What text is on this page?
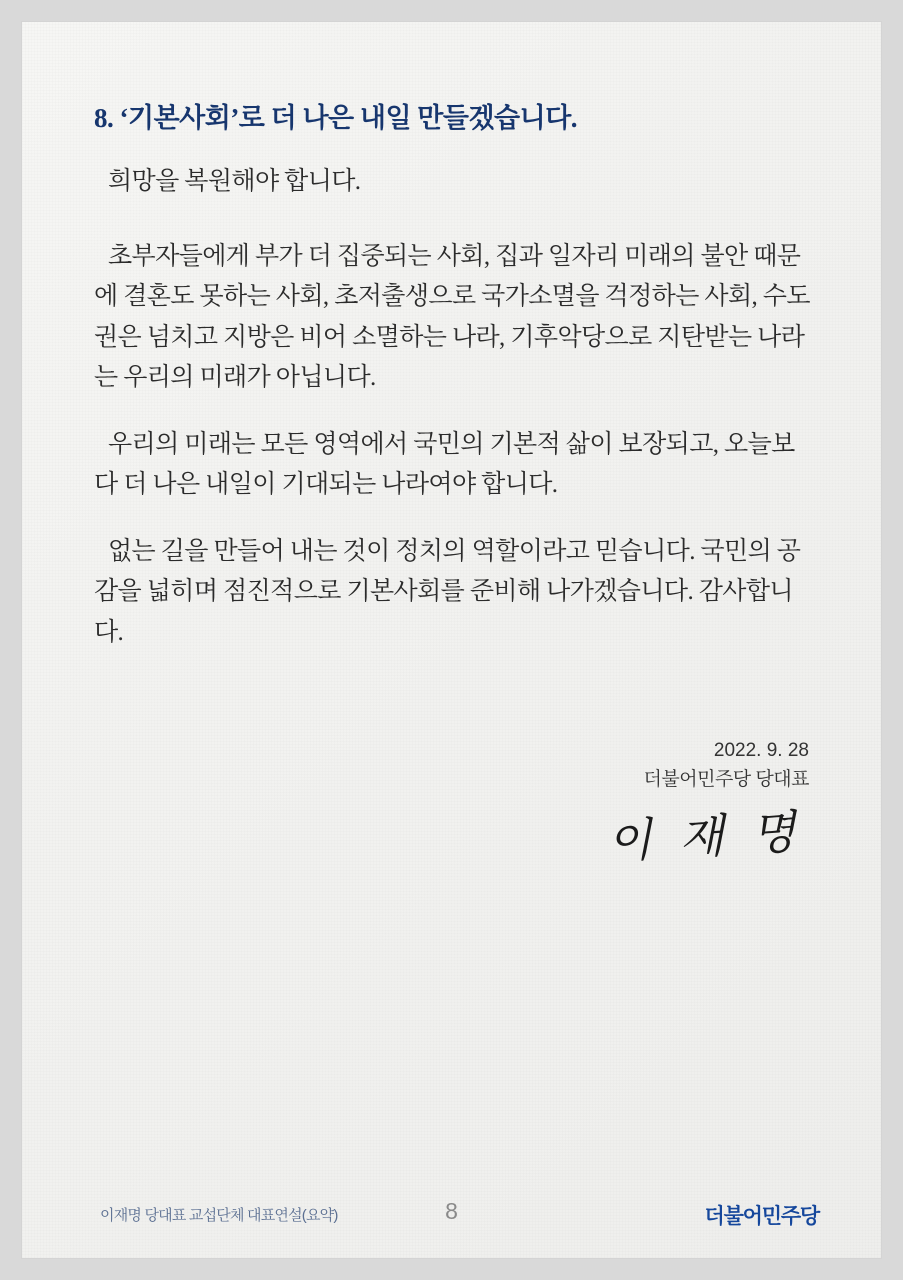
8. ‘기본사회’로 더 나은 내일 만들겠습니다.

희망을 복원해야 합니다.

초부자들에게 부가 더 집중되는 사회, 집과 일자리 미래의 불안 때문에 결혼도 못하는 사회, 초저출생으로 국가소멸을 걱정하는 사회, 수도권은 넘치고 지방은 비어 소멸하는 나라, 기후악당으로 지탄받는 나라는 우리의 미래가 아닙니다.

우리의 미래는 모든 영역에서 국민의 기본적 삶이 보장되고, 오늘보다 더 나은 내일이 기대되는 나라여야 합니다.

없는 길을 만들어 내는 것이 정치의 역할이라고 믿습니다. 국민의 공감을 넓히며 점진적으로 기본사회를 준비해 나가겠습니다. 감사합니다.

2022. 9. 28
더불어민주당 당대표
이 재 명
이재명 당대표 교섭단체 대표연설(요약)	8	더불어민주당
